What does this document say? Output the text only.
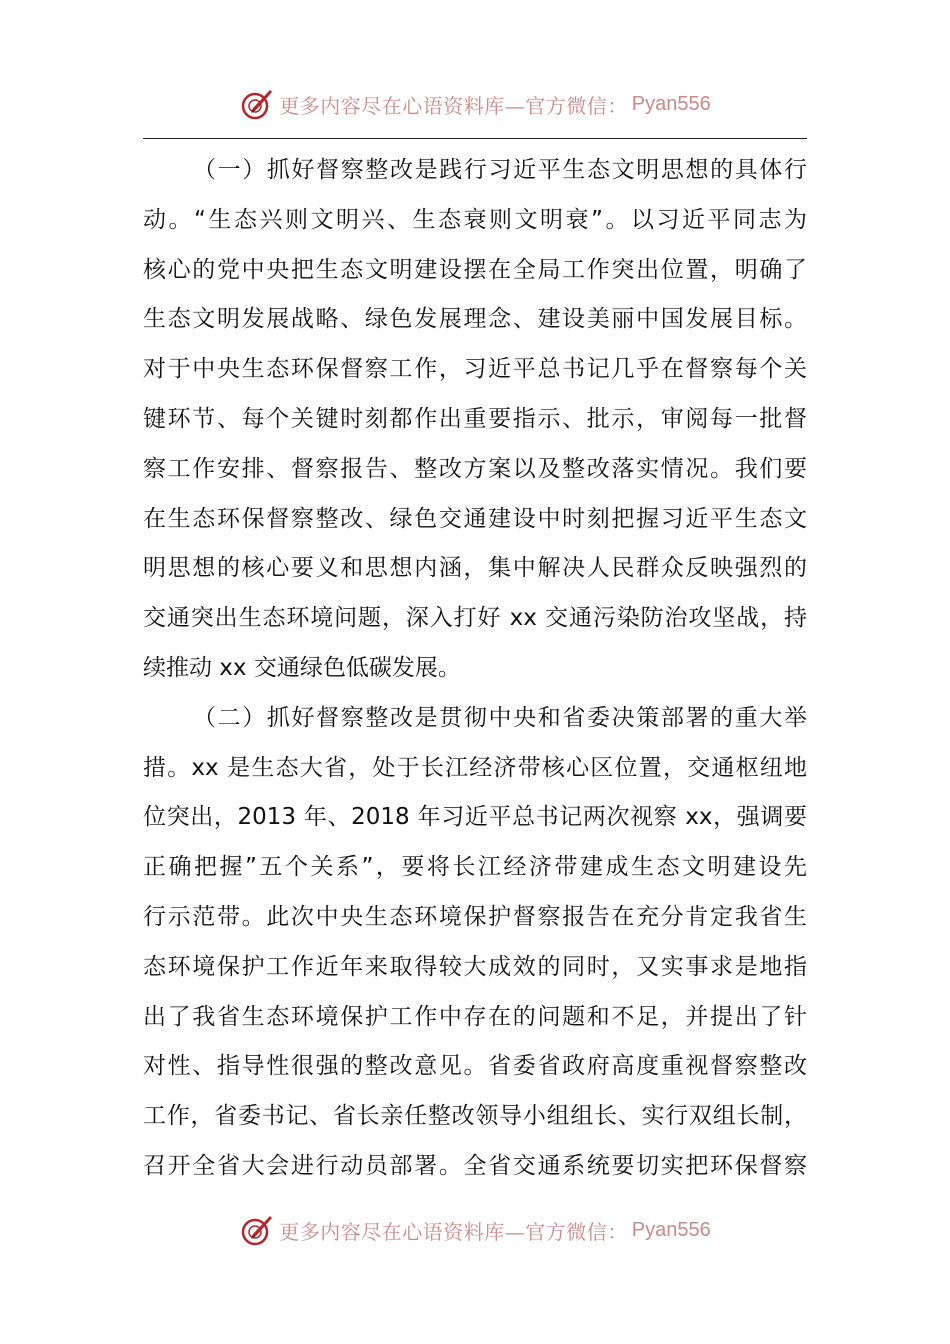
更多内容尽在心语资料库—官方微信： Pyan556
（一）抓好督察整改是践行习近平生态文明思想的具体行
动。“生态兴则文明兴、生态衰则文明衰”。以习近平同志为
核心的党中央把生态文明建设摆在全局工作突出位置，明确了
生态文明发展战略、绿色发展理念、建设美丽中国发展目标。
对于中央生态环保督察工作，习近平总书记几乎在督察每个关
键环节、每个关键时刻都作出重要指示、批示，审阅每一批督
察工作安排、督察报告、整改方案以及整改落实情况。我们要
在生态环保督察整改、绿色交通建设中时刻把握习近平生态文
明思想的核心要义和思想内涵，集中解决人民群众反映强烈的
交通突出生态环境问题，深入打好 xx 交通污染防治攻坚战，持
续推动 xx 交通绿色低碳发展。
（二）抓好督察整改是贯彻中央和省委决策部署的重大举
措。xx 是生态大省，处于长江经济带核心区位置，交通枢纽地
位突出，2013 年、2018 年习近平总书记两次视察 xx，强调要
正确把握”五个关系”，要将长江经济带建成生态文明建设先
行示范带。此次中央生态环境保护督察报告在充分肯定我省生
态环境保护工作近年来取得较大成效的同时，又实事求是地指
出了我省生态环境保护工作中存在的问题和不足，并提出了针
对性、指导性很强的整改意见。省委省政府高度重视督察整改
工作，省委书记、省长亲任整改领导小组组长、实行双组长制，
召开全省大会进行动员部署。全省交通系统要切实把环保督察
更多内容尽在心语资料库—官方微信： Pyan556
